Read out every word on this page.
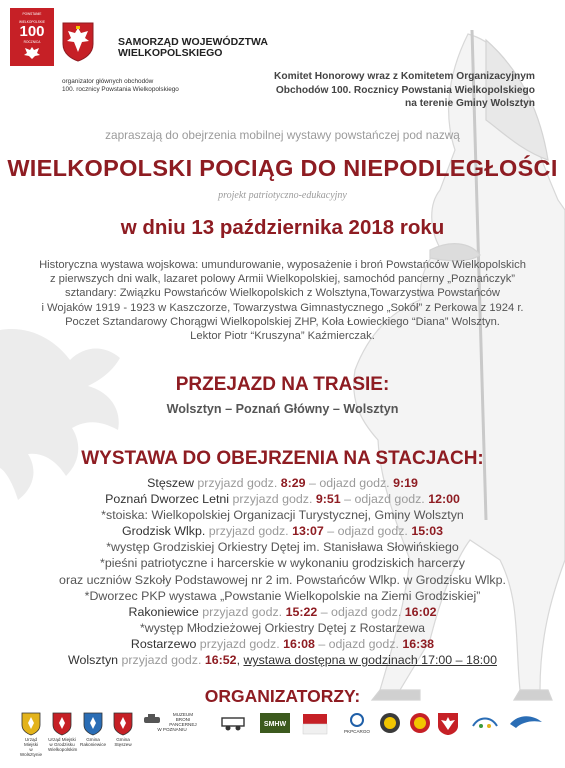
POWSTANIE
WIELKOPOLSKIE
100
ROCZNICA	SAMORZĄD WOJEWÓDZTWA
WIELKOPOLSKIEGO
organizator głównych obchodów
100. rocznicy Powstania Wielkopolskiego
Komitet Honorowy wraz z Komitetem Organizacyjnym
Obchodów 100. Rocznicy Powstania Wielkopolskiego
na terenie Gminy Wolsztyn
zapraszają do obejrzenia mobilnej wystawy powstańczej pod nazwą
WIELKOPOLSKI POCIĄG DO NIEPODLEGŁOŚCI
projekt patriotyczno-edukacyjny
w dniu 13 października 2018 roku
Historyczna wystawa wojskowa: umundurowanie, wyposażenie i broń Powstańców Wielkopolskich
z pierwszych dni walk, lazaret polowy Armii Wielkopolskiej, samochód pancerny „Poznańczyk”
sztandary: Związku Powstańców Wielkopolskich z Wolsztyna,Towarzystwa Powstańców
i Wojaków 1919 - 1923 w Kaszczorze, Towarzystwa Gimnastycznego „Sokół” z Perkowa z 1924 r.
Poczet Sztandarowy Chorągwi Wielkopolskiej ZHP, Koła Łowieckiego “Diana” Wolsztyn.
Lektor Piotr “Kruszyna” Kaźmierczak.
PRZEJAZD NA TRASIE:
Wolsztyn – Poznań Główny – Wolsztyn
WYSTAWA DO OBEJRZENIA NA STACJACH:
Stęszew przyjazd godz. 8:29 – odjazd godz. 9:19
Poznań Dworzec Letni przyjazd godz. 9:51 – odjazd godz. 12:00
*stoiska: Wielkopolskiej Organizacji Turystycznej, Gminy Wolsztyn
Grodzisk Wlkp. przyjazd godz. 13:07 – odjazd godz. 15:03
*występ Grodziskiej Orkiestry Dętej im. Stanisława Słowińskiego
*pieśni patriotyczne i harcerskie w wykonaniu grodziskich harcerzy
oraz uczniów Szkoły Podstawowej nr 2 im. Powstańców Wlkp. w Grodzisku Wlkp.
*Dworzec PKP wystawa „Powstanie Wielkopolskie na Ziemi Grodziskiej”
Rakoniewice przyjazd godz. 15:22 – odjazd godz. 16:02
*występ Młodzieżowej Orkiestry Dętej z Rostarzewa
Rostarzewo przyjazd godz. 16:08 – odjazd godz. 16:38
Wolsztyn przyjazd godz. 16:52, wystawa dostępna w godzinach 17:00 – 18:00
ORGANIZATORZY:
Urząd Miejski
w Wolsztynie
Urząd Miejski
w Grodzisku
Wielkopolskim
Gmina
Rakoniewice
Gmina
Stęszew
MUZEUM
BRONI PANCERNEJ
W POZNANIU
SMHW
PKPCARGO
